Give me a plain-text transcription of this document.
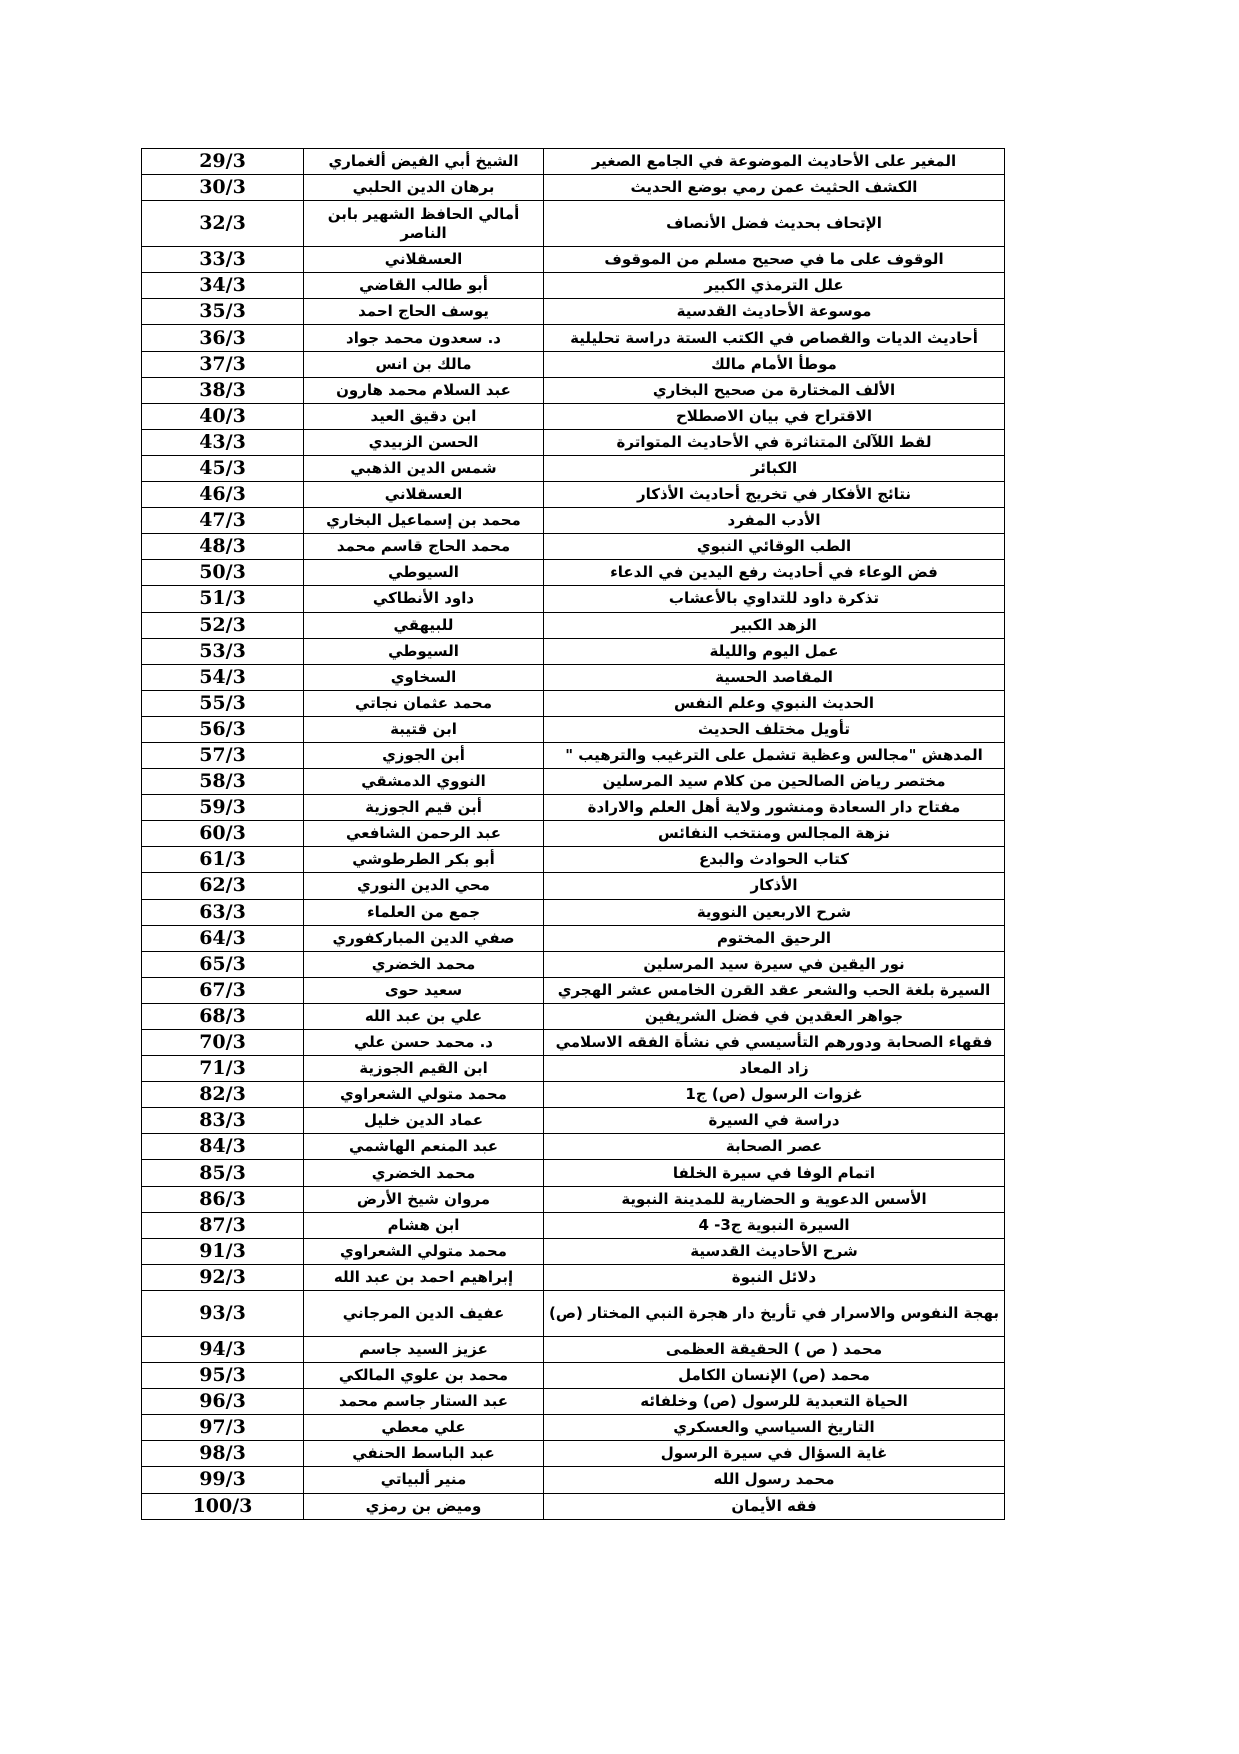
29/3	الشيخ أبي الفيض ألغماري	المغير على الأحاديث الموضوعة في الجامع الصغير
30/3	برهان الدين الحلبي	الكشف الحثيث عمن رمي بوضع الحديث
32/3	أمالي الحافظ الشهير بابن الناصر	الإتحاف بحديث فضل الأنصاف
33/3	العسقلاني	الوقوف على ما في صحيح مسلم من الموقوف
34/3	أبو طالب القاضي	علل الترمذي الكبير
35/3	يوسف الحاج احمد	موسوعة الأحاديث القدسية
36/3	د. سعدون محمد جواد	أحاديث الديات والقصاص في الكتب الستة دراسة تحليلية
37/3	مالك بن انس	موطأ الأمام مالك
38/3	عبد السلام محمد هارون	الألف المختارة من صحيح البخاري
40/3	ابن دقيق العيد	الاقتراح في بيان الاصطلاح
43/3	الحسن الزبيدي	لقط اللآلئ المتناثرة في الأحاديث المتواترة
45/3	شمس الدين الذهبي	الكبائر
46/3	العسقلاني	نتائج الأفكار في تخريج أحاديث الأذكار
47/3	محمد بن إسماعيل البخاري	الأدب المفرد
48/3	محمد الحاج قاسم محمد	الطب الوقائي النبوي
50/3	السيوطي	فض الوعاء في أحاديث رفع اليدين في الدعاء
51/3	داود الأنطاكي	تذكرة داود للتداوي بالأعشاب
52/3	للبيهقي	الزهد الكبير
53/3	السيوطي	عمل اليوم والليلة
54/3	السخاوي	المقاصد الحسية
55/3	محمد عثمان نجاتي	الحديث النبوي وعلم النفس
56/3	ابن قتيبة	تأويل مختلف الحديث
57/3	أبن الجوزي	المدهش "مجالس وعظية تشمل على الترغيب والترهيب "
58/3	النووي الدمشقي	مختصر رياض الصالحين من كلام سيد المرسلين
59/3	أبن قيم الجوزية	مفتاح دار السعادة ومنشور ولاية أهل العلم والارادة
60/3	عبد الرحمن الشافعي	نزهة المجالس ومنتخب النفائس
61/3	أبو بكر الطرطوشي	كتاب الحوادث والبدع
62/3	محي الدين النوري	الأذكار
63/3	جمع من العلماء	شرح الاربعين النووية
64/3	صفي الدين المباركفوري	الرحيق المختوم
65/3	محمد الخضري	نور اليقين في سيرة سيد المرسلين
67/3	سعيد حوى	السيرة بلغة الحب والشعر عقد القرن الخامس عشر الهجري
68/3	علي بن عبد الله	جواهر العقدين في فضل الشريفين
70/3	د. محمد حسن علي	فقهاء الصحابة ودورهم التأسيسي في نشأة الفقه الاسلامي
71/3	ابن القيم الجوزية	زاد المعاد
82/3	محمد متولي الشعراوي	غزوات الرسول (ص) ج1
83/3	عماد الدين خليل	دراسة في السيرة
84/3	عبد المنعم الهاشمي	عصر الصحابة
85/3	محمد الخضري	اتمام الوفا في سيرة الخلفا
86/3	مروان شيخ الأرض	الأسس الدعوية و الحضارية للمدينة النبوية
87/3	ابن هشام	السيرة النبوية ج3- 4
91/3	محمد متولي الشعراوي	شرح الأحاديث القدسية
92/3	إبراهيم احمد بن عبد الله	دلائل النبوة
93/3	عفيف الدين المرجاني	بهجة النفوس والاسرار في تأريخ دار هجرة النبي المختار (ص)
94/3	عزيز السيد جاسم	محمد ( ص ) الحقيقة العظمى
95/3	محمد بن علوي المالكي	محمد (ص) الإنسان الكامل
96/3	عبد الستار جاسم محمد	الحياة التعبدية للرسول (ص) وخلفائه
97/3	علي معطي	التاريخ السياسي والعسكري
98/3	عبد الباسط الحنفي	غاية السؤال في سيرة الرسول
99/3	منير ألبياتي	محمد رسول الله
100/3	وميض بن رمزي	فقه الأيمان
